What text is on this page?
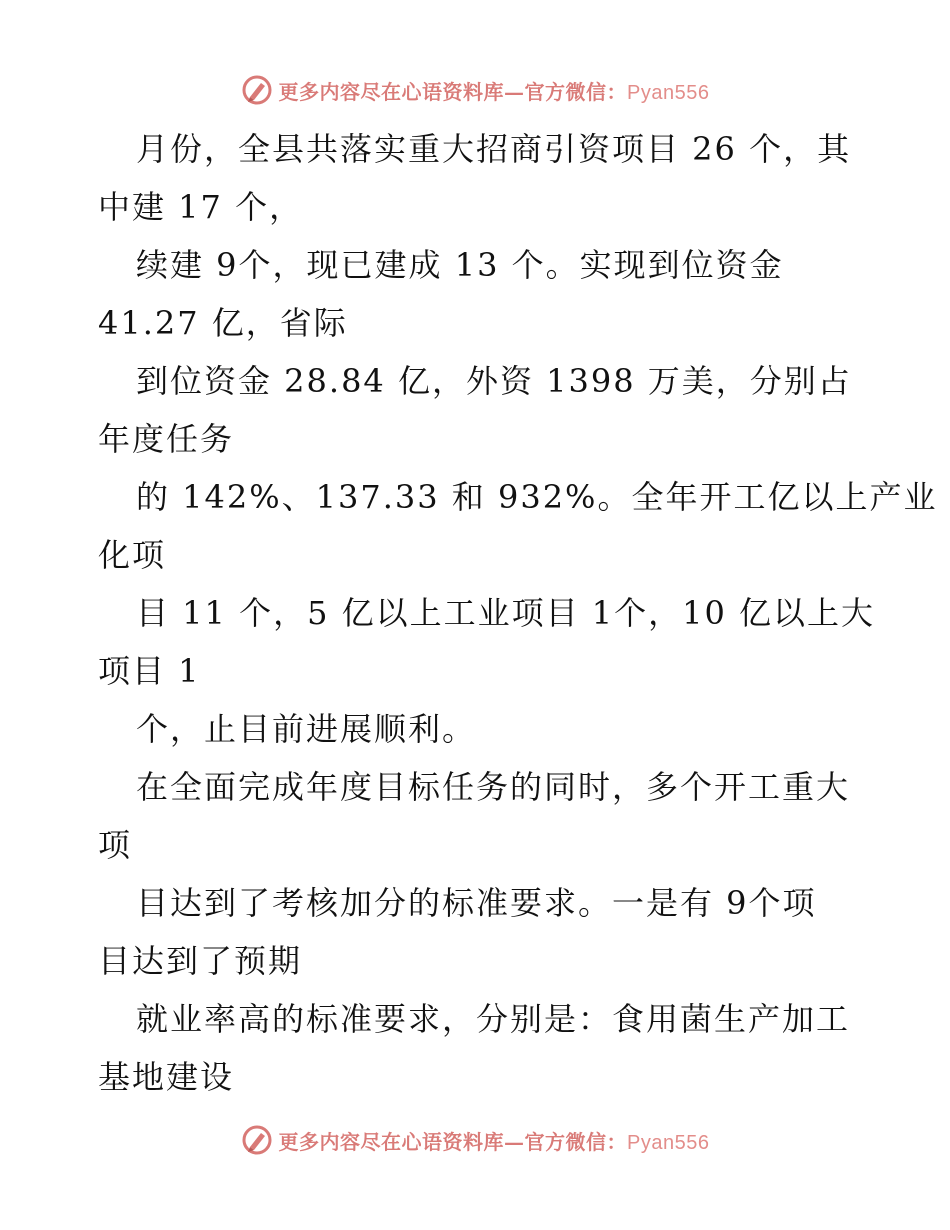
更多内容尽在心语资料库—官方微信：Pyan556
月份，全县共落实重大招商引资项目 26 个，其
中建 17 个，
续建 9个，现已建成 13 个。实现到位资金
41.27 亿，省际
到位资金 28.84 亿，外资 1398 万美，分别占
年度任务
的 142%、137.33 和 932%。全年开工亿以上产业
化项
目 11 个，5 亿以上工业项目 1个，10 亿以上大
项目 1
个，止目前进展顺利。
在全面完成年度目标任务的同时，多个开工重大
项
目达到了考核加分的标准要求。一是有 9个项
目达到了预期
就业率高的标准要求，分别是：食用菌生产加工
基地建设
更多内容尽在心语资料库—官方微信：Pyan556
